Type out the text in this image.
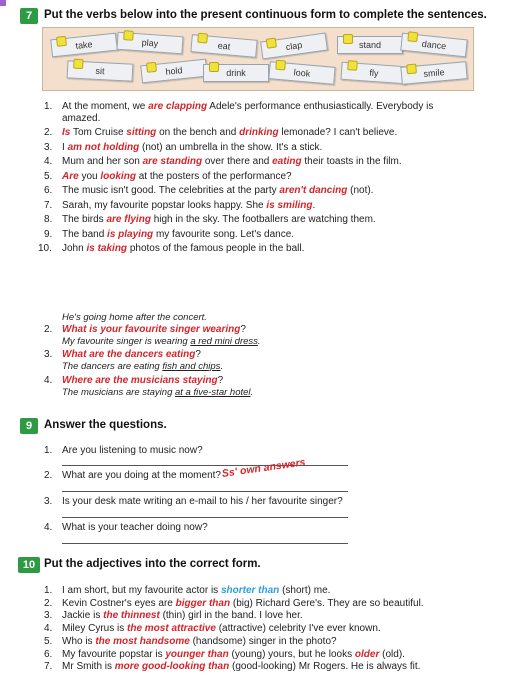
7	Put the verbs below into the present continuous form to complete the sentences.
take	play	eat	clap	stand	dance
sit	hold	drink	look	fly	smile
1. At the moment, we are clapping Adele's performance enthusiastically. Everybody is
amazed.
2. Is Tom Cruise sitting on the bench and drinking lemonade? I can't believe.
3. I am not holding (not) an umbrella in the show. It's a stick.
4. Mum and her son are standing over there and eating their toasts in the film.
5. Are you looking at the posters of the performance?
6. The music isn't good. The celebrities at the party aren't dancing (not).
7. Sarah, my favourite popstar looks happy. She is smiling.
8. The birds are flying high in the sky. The footballers are watching them.
9. The band is playing my favourite song. Let's dance.
10. John is taking photos of the famous people in the ball.
He's going home after the concert.
2. What is your favourite singer wearing?
My favourite singer is wearing a red mini dress.
3. What are the dancers eating?
The dancers are eating fish and chips.
4. Where are the musicians staying?
The musicians are staying at a five-star hotel.
9	Answer the questions.
1. Are you listening to music now?
2. What are you doing at the moment?
3. Is your desk mate writing an e-mail to his / her favourite singer?
4. What is your teacher doing now?
Ss' own answers
10 Put the adjectives into the correct form.
1. I am short, but my favourite actor is shorter than (short) me.
2. Kevin Costner's eyes are bigger than (big) Richard Gere's. They are so beautiful.
3. Jackie is the thinnest (thin) girl in the band. I love her.
4. Miley Cyrus is the most attractive (attractive) celebrity I've ever known.
5. Who is the most handsome (handsome) singer in the photo?
6. My favourite popstar is younger than (young) yours, but he looks older (old).
7. Mr Smith is more good-looking than (good-looking) Mr Rogers. He is always fit.
